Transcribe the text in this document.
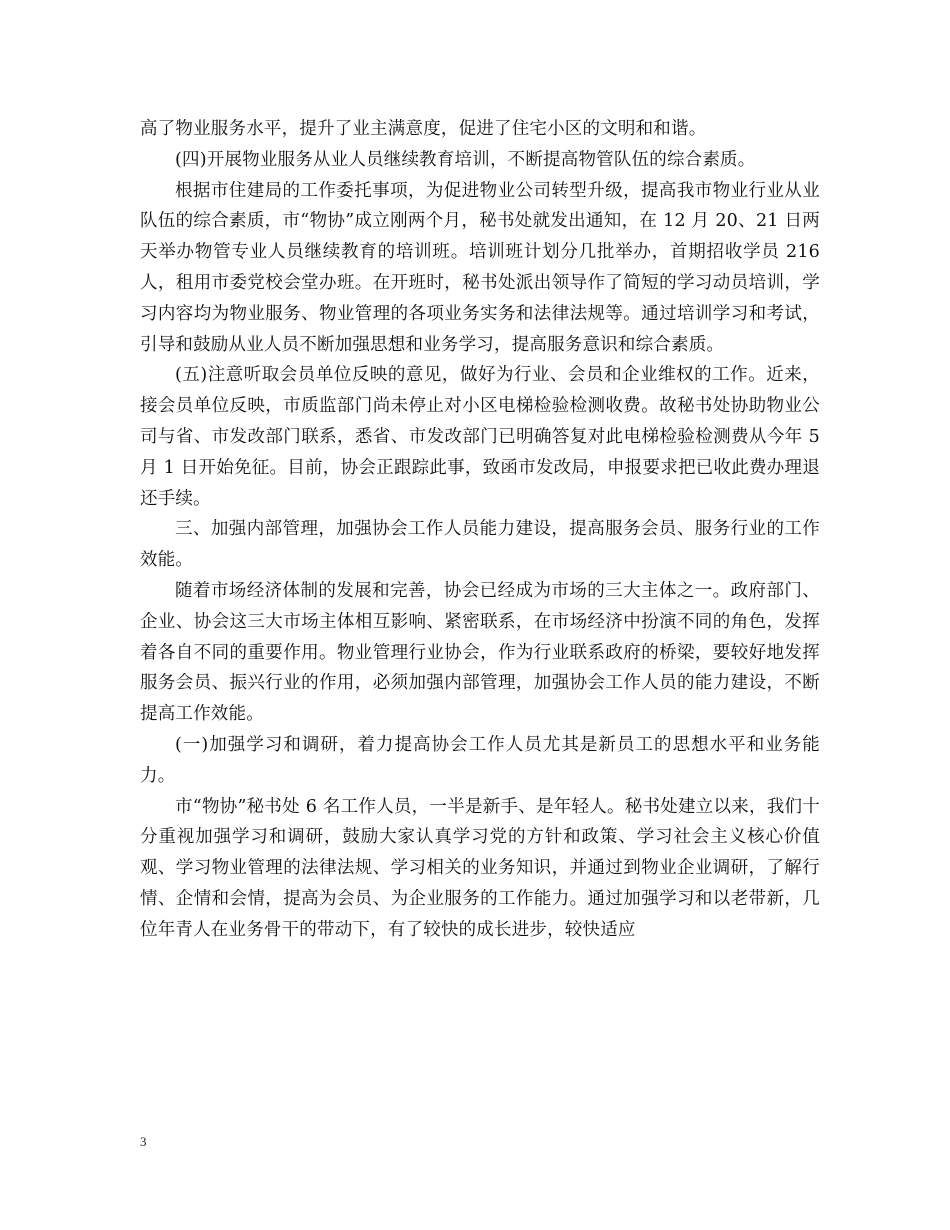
高了物业服务水平，提升了业主满意度，促进了住宅小区的文明和和谐。

(四)开展物业服务从业人员继续教育培训，不断提高物管队伍的综合素质。

根据市住建局的工作委托事项，为促进物业公司转型升级，提高我市物业行业从业队伍的综合素质，市“物协”成立刚两个月，秘书处就发出通知，在 12 月 20、21 日两天举办物管专业人员继续教育的培训班。培训班计划分几批举办，首期招收学员 216 人，租用市委党校会堂办班。在开班时，秘书处派出领导作了简短的学习动员培训，学习内容均为物业服务、物业管理的各项业务实务和法律法规等。通过培训学习和考试，引导和鼓励从业人员不断加强思想和业务学习，提高服务意识和综合素质。

(五)注意听取会员单位反映的意见，做好为行业、会员和企业维权的工作。近来，接会员单位反映，市质监部门尚未停止对小区电梯检验检测收费。故秘书处协助物业公司与省、市发改部门联系，悉省、市发改部门已明确答复对此电梯检验检测费从今年 5 月 1 日开始免征。目前，协会正跟踪此事，致函市发改局，申报要求把已收此费办理退还手续。

三、加强内部管理，加强协会工作人员能力建设，提高服务会员、服务行业的工作效能。

随着市场经济体制的发展和完善，协会已经成为市场的三大主体之一。政府部门、企业、协会这三大市场主体相互影响、紧密联系，在市场经济中扮演不同的角色，发挥着各自不同的重要作用。物业管理行业协会，作为行业联系政府的桥梁，要较好地发挥服务会员、振兴行业的作用，必须加强内部管理，加强协会工作人员的能力建设，不断提高工作效能。

(一)加强学习和调研，着力提高协会工作人员尤其是新员工的思想水平和业务能力。

市“物协”秘书处 6 名工作人员，一半是新手、是年轻人。秘书处建立以来，我们十分重视加强学习和调研，鼓励大家认真学习党的方针和政策、学习社会主义核心价值观、学习物业管理的法律法规、学习相关的业务知识，并通过到物业企业调研，了解行情、企情和会情，提高为会员、为企业服务的工作能力。通过加强学习和以老带新，几位年青人在业务骨干的带动下，有了较快的成长进步，较快适应

3
